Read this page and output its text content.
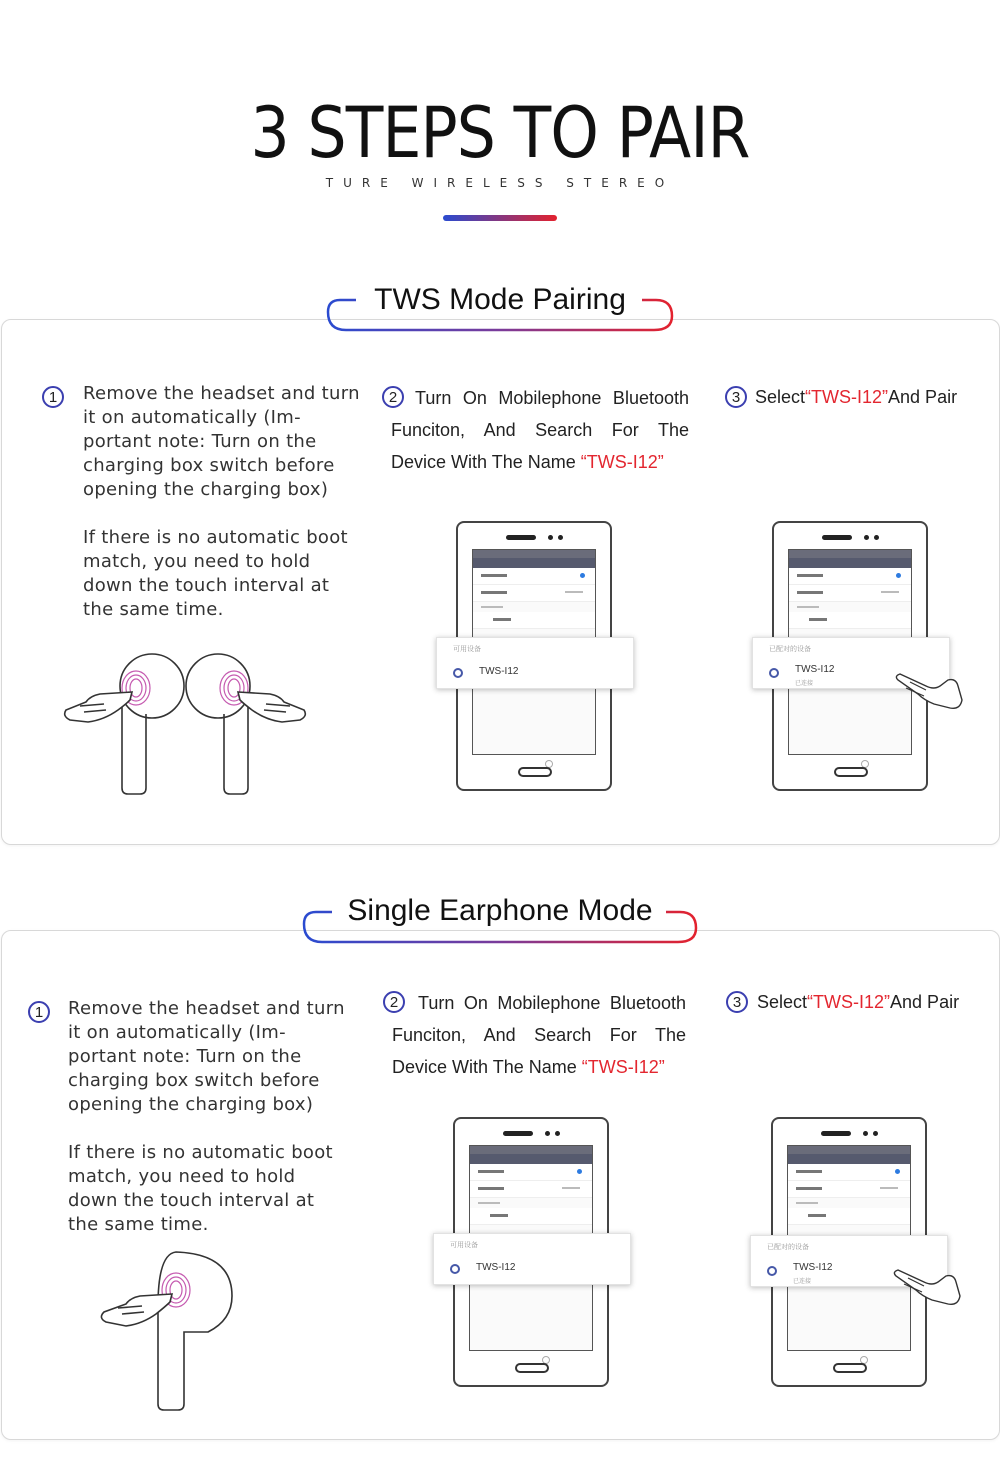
3 STEPS TO PAIR
TURE WIRELESS STEREO
TWS Mode Pairing
1	Remove the headset and turn it on automatically (Im-portant note: Turn on the charging box switch before opening the charging box)

If there is no automatic boot match, you need to hold down the touch interval at the same time.

2 Turn On Mobilephone Bluetooth Funciton, And Search For The Device With The Name “TWS-I12”
3 Select“TWS-I12”And Pair
可用设备
TWS-I12
已配对的设备
TWS-I12
已连接
Single Earphone Mode
1	Remove the headset and turn it on automatically (Im-portant note: Turn on the charging box switch before opening the charging box)

If there is no automatic boot match, you need to hold down the touch interval at the same time.

2	Turn On Mobilephone Bluetooth Funciton, And Search For The Device With The Name “TWS-I12”
3 Select“TWS-I12”And Pair
可用设备
TWS-I12
已配对的设备
TWS-I12
已连接
